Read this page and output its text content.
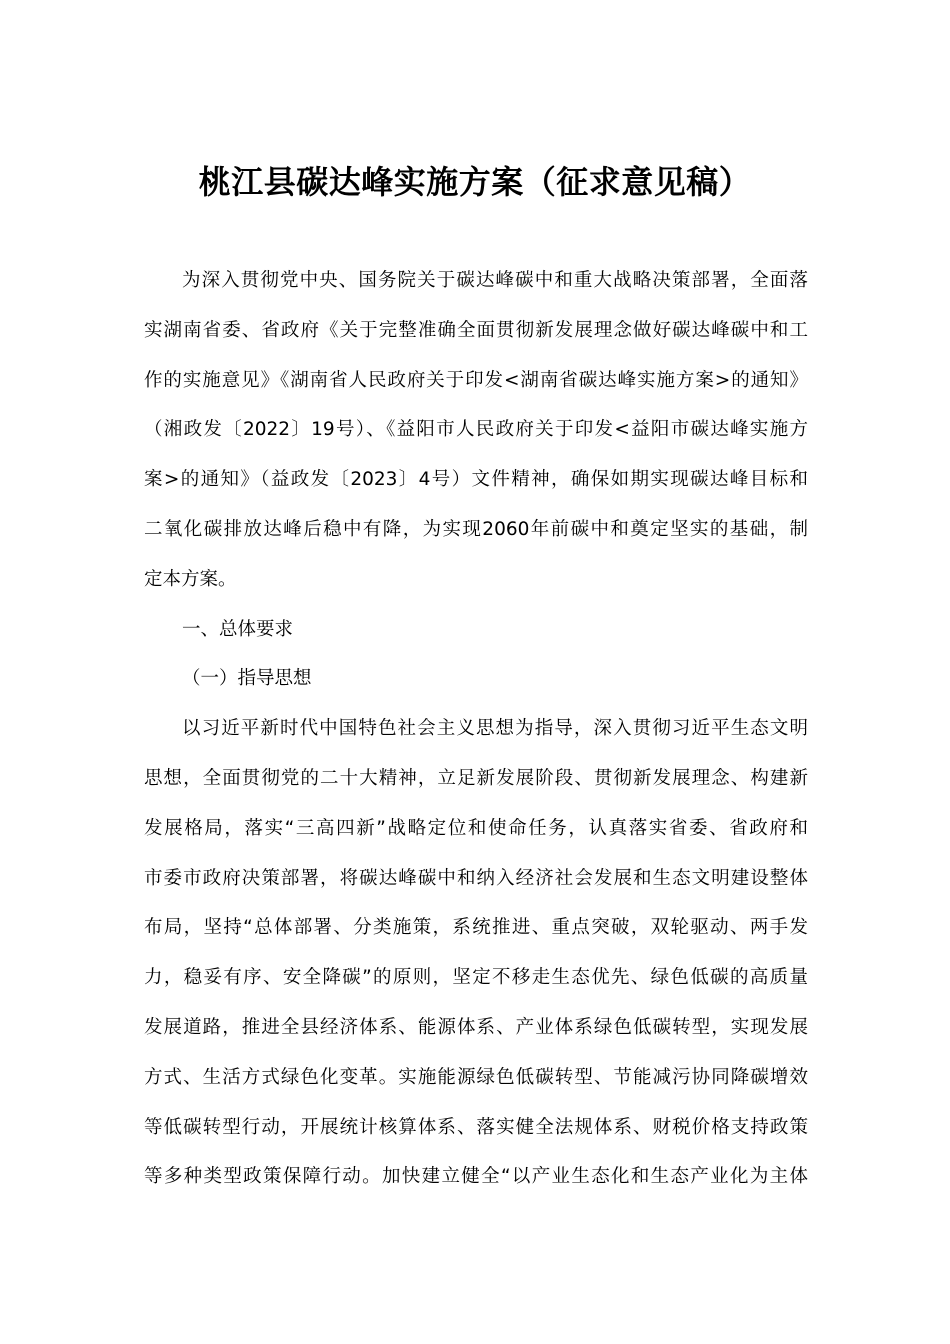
桃江县碳达峰实施方案（征求意见稿）
为深入贯彻党中央、国务院关于碳达峰碳中和重大战略决策部署，全面落
实湖南省委、省政府《关于完整准确全面贯彻新发展理念做好碳达峰碳中和工
作的实施意见》《湖南省人民政府关于印发<湖南省碳达峰实施方案>的通知》
（湘政发〔2022〕19号）、《益阳市人民政府关于印发<益阳市碳达峰实施方
案>的通知》（益政发〔2023〕4号）文件精神，确保如期实现碳达峰目标和
二氧化碳排放达峰后稳中有降，为实现2060年前碳中和奠定坚实的基础，制
定本方案。
一、总体要求
（一）指导思想
以习近平新时代中国特色社会主义思想为指导，深入贯彻习近平生态文明
思想，全面贯彻党的二十大精神，立足新发展阶段、贯彻新发展理念、构建新
发展格局，落实“三高四新”战略定位和使命任务，认真落实省委、省政府和
市委市政府决策部署，将碳达峰碳中和纳入经济社会发展和生态文明建设整体
布局，坚持“总体部署、分类施策，系统推进、重点突破，双轮驱动、两手发
力，稳妥有序、安全降碳”的原则，坚定不移走生态优先、绿色低碳的高质量
发展道路，推进全县经济体系、能源体系、产业体系绿色低碳转型，实现发展
方式、生活方式绿色化变革。实施能源绿色低碳转型、节能减污协同降碳增效
等低碳转型行动，开展统计核算体系、落实健全法规体系、财税价格支持政策
等多种类型政策保障行动。加快建立健全“以产业生态化和生态产业化为主体
